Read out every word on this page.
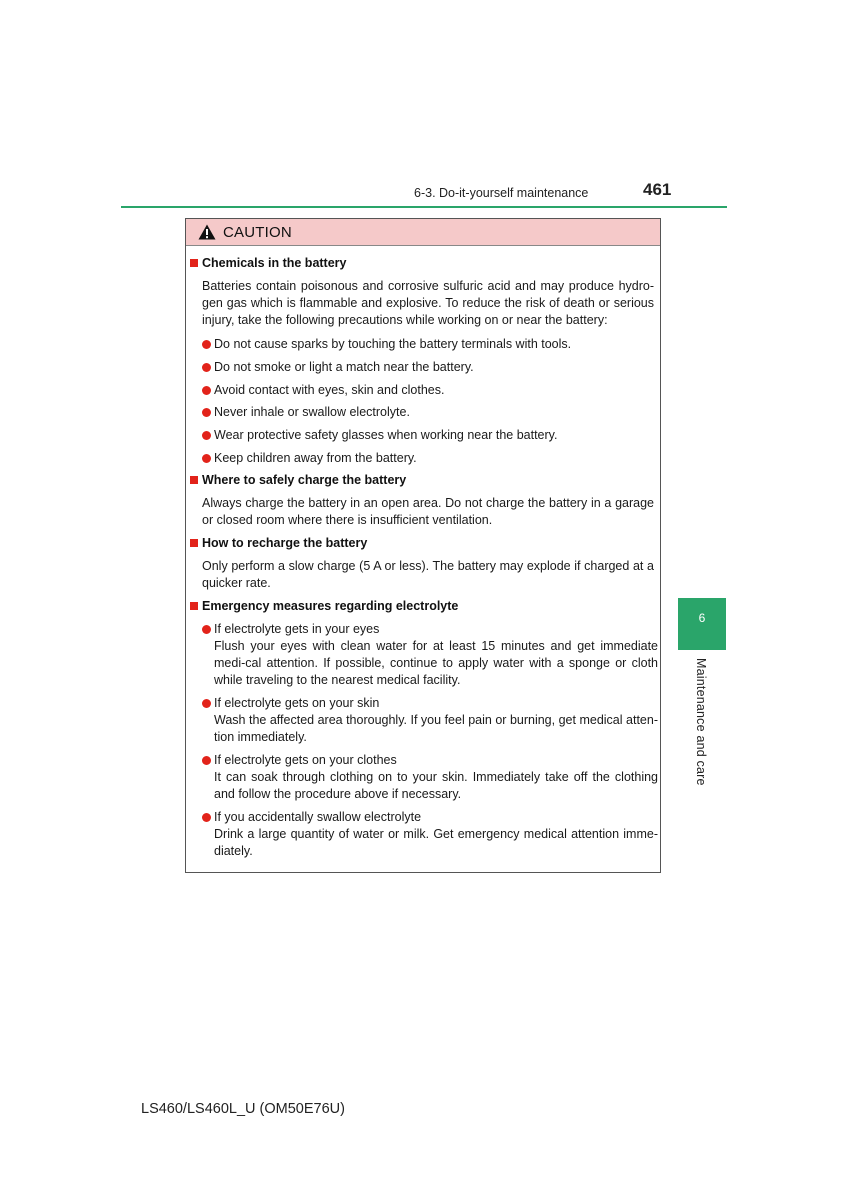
6-3. Do-it-yourself maintenance	461
CAUTION
Chemicals in the battery
Batteries contain poisonous and corrosive sulfuric acid and may produce hydro-gen gas which is flammable and explosive. To reduce the risk of death or serious injury, take the following precautions while working on or near the battery:
Do not cause sparks by touching the battery terminals with tools.
Do not smoke or light a match near the battery.
Avoid contact with eyes, skin and clothes.
Never inhale or swallow electrolyte.
Wear protective safety glasses when working near the battery.
Keep children away from the battery.
Where to safely charge the battery
Always charge the battery in an open area. Do not charge the battery in a garage or closed room where there is insufficient ventilation.
How to recharge the battery
Only perform a slow charge (5 A or less). The battery may explode if charged at a quicker rate.
Emergency measures regarding electrolyte
If electrolyte gets in your eyes
Flush your eyes with clean water for at least 15 minutes and get immediate medi-cal attention. If possible, continue to apply water with a sponge or cloth while traveling to the nearest medical facility.
If electrolyte gets on your skin
Wash the affected area thoroughly. If you feel pain or burning, get medical atten-tion immediately.
If electrolyte gets on your clothes
It can soak through clothing on to your skin. Immediately take off the clothing and follow the procedure above if necessary.
If you accidentally swallow electrolyte
Drink a large quantity of water or milk. Get emergency medical attention imme-diately.
6
Maintenance and care
LS460/LS460L_U (OM50E76U)
